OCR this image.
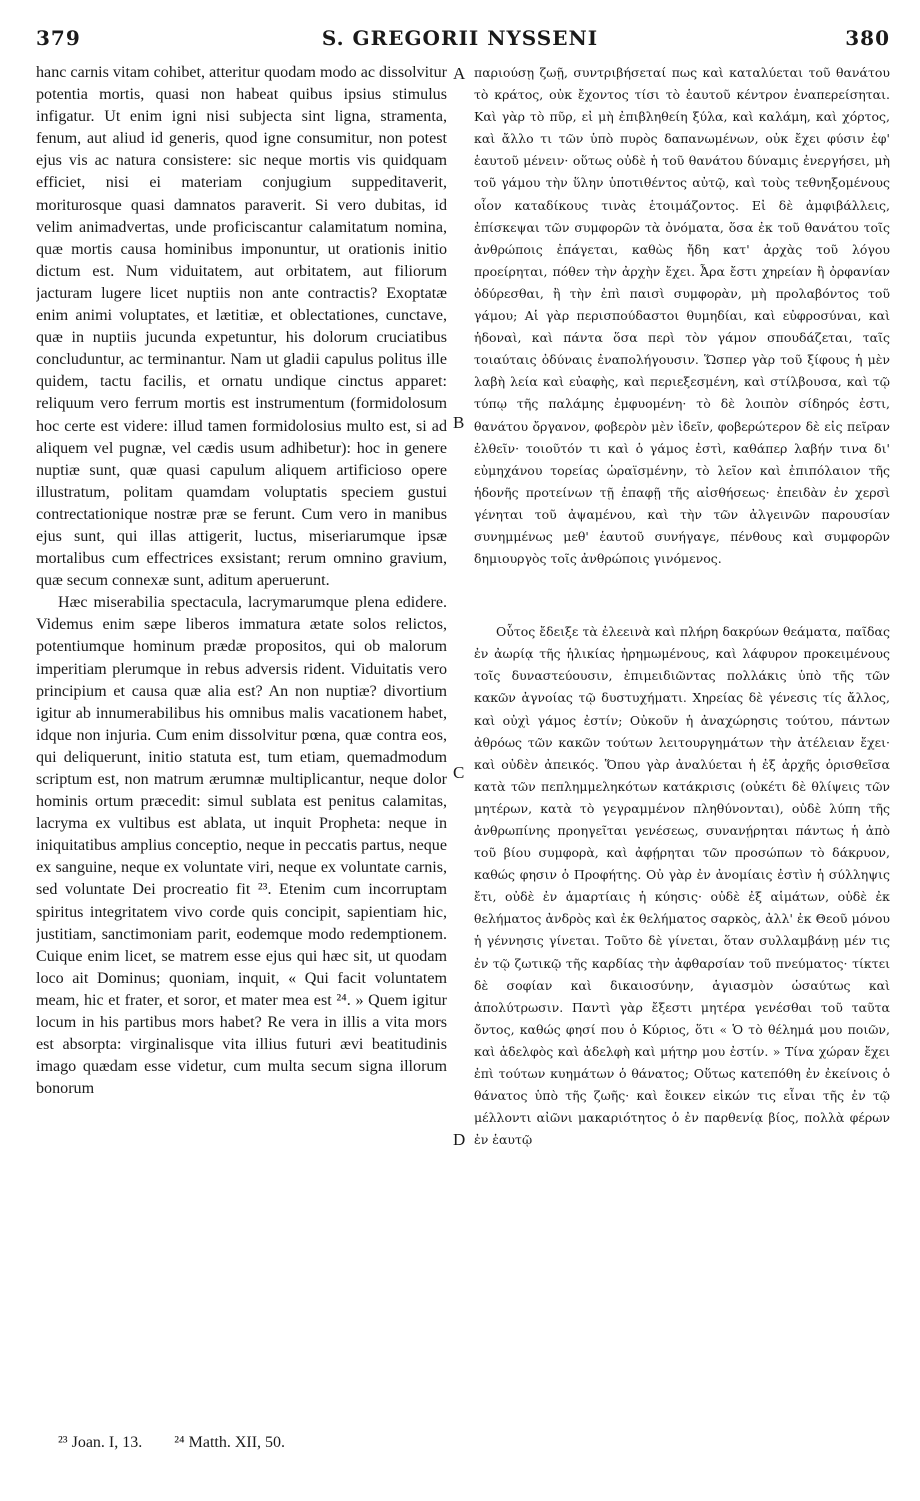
379	S. GREGORII NYSSENI	380

hanc carnis vitam cohibet, atteritur quodam modo ac dissolvitur potentia mortis, quasi non habeat quibus ipsius stimulus infigatur. Ut enim igni nisi subjecta sint ligna, stramenta, fenum, aut aliud id generis, quod igne consumitur, non potest ejus vis ac natura consistere: sic neque mortis vis quidquam efficiet, nisi ei materiam conjugium suppeditaverit, moriturosque quasi damnatos paraverit. Si vero dubitas, id velim animadvertas, unde proficiscantur calamitatum nomina, quæ mortis causa hominibus imponuntur, ut orationis initio dictum est. Num viduitatem, aut orbitatem, aut filiorum jacturam lugere licet nuptiis non ante contractis? Exoptatæ enim animi voluptates, et lætitiæ, et oblectationes, cunctave, quæ in nuptiis jucunda expetuntur, his dolorum cruciatibus concluduntur, ac terminantur. Nam ut gladii capulus politus ille quidem, tactu facilis, et ornatu undique cinctus apparet: reliquum vero ferrum mortis est instrumentum (formidolosum hoc certe est videre: illud tamen formidolosius multo est, si ad aliquem vel pugnæ, vel cædis usum adhibetur): hoc in genere nuptiæ sunt, quæ quasi capulum aliquem artificioso opere illustratum, politam quamdam voluptatis speciem gustui contrectationique nostræ præ se ferunt. Cum vero in manibus ejus sunt, qui illas attigerit, luctus, miseriarumque ipsæ mortalibus cum effectrices exsistant; rerum omnino gravium, quæ secum connexæ sunt, aditum aperuerunt.

Hæc miserabilia spectacula, lacrymarumque plena edidere. Videmus enim sæpe liberos immatura ætate solos relictos, potentiumque hominum prædæ propositos, qui ob malorum imperitiam plerumque in rebus adversis rident. Viduitatis vero principium et causa quæ alia est? An non nuptiæ? divortium igitur ab innumerabilibus his omnibus malis vacationem habet, idque non injuria. Cum enim dissolvitur pœna, quæ contra eos, qui deliquerunt, initio statuta est, tum etiam, quemadmodum scriptum est, non matrum ærumnæ multiplicantur, neque dolor hominis ortum præcedit: simul sublata est penitus calamitas, lacryma ex vultibus est ablata, ut inquit Propheta: neque in iniquitatibus amplius conceptio, neque in peccatis partus, neque ex sanguine, neque ex voluntate viri, neque ex voluntate carnis, sed voluntate Dei procreatio fit ²³. Etenim cum incorruptam spiritus integritatem vivo corde quis concipit, sapientiam hic, justitiam, sanctimoniam parit, eodemque modo redemptionem. Cuique enim licet, se matrem esse ejus qui hæc sit, ut quodam loco ait Dominus; quoniam, inquit, « Qui facit voluntatem meam, hic et frater, et soror, et mater mea est ²⁴. » Quem igitur locum in his partibus mors habet? Re vera in illis a vita mors est absorpta: virginalisque vita illius futuri ævi beatitudinis imago quædam esse videtur, cum multa secum signa illorum bonorum

παριούσῃ ζωῇ, συντριβήσεταί πως καὶ καταλύεται τοῦ θανάτου τὸ κράτος, οὐκ ἔχοντος τίσι τὸ ἑαυτοῦ κέντρον ἐναπερείσηται. Καὶ γὰρ τὸ πῦρ, εἰ μὴ ἐπιβληθείη ξύλα, καὶ καλάμη, καὶ χόρτος, καὶ ἄλλο τι τῶν ὑπὸ πυρὸς δαπανωμένων, οὐκ ἔχει φύσιν ἐφ' ἑαυτοῦ μένειν· οὕτως οὐδὲ ἡ τοῦ θανάτου δύναμις ἐνεργήσει, μὴ τοῦ γάμου τὴν ὕλην ὑποτιθέντος αὐτῷ, καὶ τοὺς τεθνηξομένους οἷον καταδίκους τινὰς ἑτοιμάζοντος. Εἰ δὲ ἀμφιβάλλεις, ἐπίσκεψαι τῶν συμφορῶν τὰ ὀνόματα, ὅσα ἐκ τοῦ θανάτου τοῖς ἀνθρώποις ἐπάγεται, καθὼς ἤδη κατ' ἀρχὰς τοῦ λόγου προείρηται, πόθεν τὴν ἀρχὴν ἔχει. Ἆρα ἔστι χηρείαν ἢ ὀρφανίαν ὀδύρεσθαι, ἢ τὴν ἐπὶ παισὶ συμφορὰν, μὴ προλαβόντος τοῦ γάμου; Αἱ γὰρ περισπούδαστοι θυμηδίαι, καὶ εὐφροσύναι, καὶ ἡδοναὶ, καὶ πάντα ὅσα περὶ τὸν γάμον σπουδάζεται, ταῖς τοιαύταις ὀδύναις ἐναπολήγουσιν. Ὥσπερ γὰρ τοῦ ξίφους ἡ μὲν λαβὴ λεία καὶ εὐαφὴς, καὶ περιεξεσμένη, καὶ στίλβουσα, καὶ τῷ τύπῳ τῆς παλάμης ἐμφυομένη· τὸ δὲ λοιπὸν σίδηρός ἐστι, θανάτου ὄργανον, φοβερὸν μὲν ἰδεῖν, φοβερώτερον δὲ εἰς πεῖραν ἐλθεῖν· τοιοῦτόν τι καὶ ὁ γάμος ἐστὶ, καθάπερ λαβήν τινα δι' εὐμηχάνου τορείας ὡραϊσμένην, τὸ λεῖον καὶ ἐπιπόλαιον τῆς ἡδονῆς προτείνων τῇ ἐπαφῇ τῆς αἰσθήσεως· ἐπειδὰν ἐν χερσὶ γένηται τοῦ ἀψαμένου, καὶ τὴν τῶν ἀλγεινῶν παρουσίαν συνημμένως μεθ' ἑαυτοῦ συνήγαγε, πένθους καὶ συμφορῶν δημιουργὸς τοῖς ἀνθρώποις γινόμενος.

Οὗτος ἔδειξε τὰ ἐλεεινὰ καὶ πλήρη δακρύων θεάματα, παῖδας ἐν ἀωρίᾳ τῆς ἡλικίας ἠρημωμένους, καὶ λάφυρον προκειμένους τοῖς δυναστεύουσιν, ἐπιμειδιῶντας πολλάκις ὑπὸ τῆς τῶν κακῶν ἀγνοίας τῷ δυστυχήματι. Χηρείας δὲ γένεσις τίς ἄλλος, καὶ οὐχὶ γάμος ἐστίν; Οὐκοῦν ἡ ἀναχώρησις τούτου, πάντων ἀθρόως τῶν κακῶν τούτων λειτουργημάτων τὴν ἀτέλειαν ἔχει· καὶ οὐδὲν ἀπεικός. Ὅπου γὰρ ἀναλύεται ἡ ἐξ ἀρχῆς ὁρισθεῖσα κατὰ τῶν πεπλημμεληκότων κατάκρισις (οὐκέτι δὲ θλίψεις τῶν μητέρων, κατὰ τὸ γεγραμμένον πληθύνονται), οὐδὲ λύπη τῆς ἀνθρωπίνης προηγεῖται γενέσεως, συνανῄρηται πάντως ἡ ἀπὸ τοῦ βίου συμφορὰ, καὶ ἀφῄρηται τῶν προσώπων τὸ δάκρυον, καθώς φησιν ὁ Προφήτης. Οὐ γὰρ ἐν ἀνομίαις ἐστὶν ἡ σύλληψις ἔτι, οὐδὲ ἐν ἁμαρτίαις ἡ κύησις· οὐδὲ ἐξ αἱμάτων, οὐδὲ ἐκ θελήματος ἀνδρὸς καὶ ἐκ θελήματος σαρκὸς, ἀλλ' ἐκ Θεοῦ μόνου ἡ γέννησις γίνεται. Τοῦτο δὲ γίνεται, ὅταν συλλαμβάνῃ μέν τις ἐν τῷ ζωτικῷ τῆς καρδίας τὴν ἀφθαρσίαν τοῦ πνεύματος· τίκτει δὲ σοφίαν καὶ δικαιοσύνην, ἁγιασμὸν ὡσαύτως καὶ ἀπολύτρωσιν. Παντὶ γὰρ ἔξεστι μητέρα γενέσθαι τοῦ ταῦτα ὄντος, καθώς φησί που ὁ Κύριος, ὅτι « Ὁ τὸ θέλημά μου ποιῶν, καὶ ἀδελφὸς καὶ ἀδελφὴ καὶ μήτηρ μου ἐστίν. » Τίνα χώραν ἔχει ἐπὶ τούτων κυημάτων ὁ θάνατος; Οὕτως κατεπόθη ἐν ἐκείνοις ὁ θάνατος ὑπὸ τῆς ζωῆς· καὶ ἔοικεν εἰκών τις εἶναι τῆς ἐν τῷ μέλλοντι αἰῶνι μακαριότητος ὁ ἐν παρθενίᾳ βίος, πολλὰ φέρων ἐν ἑαυτῷ

A
B
C
D
²³ Joan. I, 13. ²⁴ Matth. XII, 50.
